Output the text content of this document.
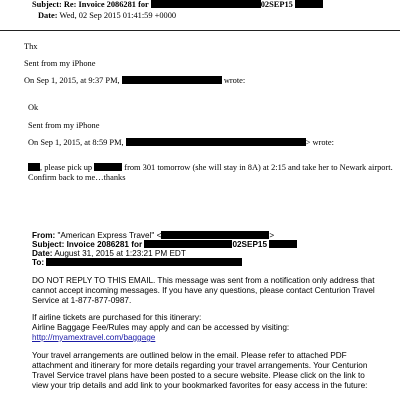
Subject: Re: Invoice 2086281 for	02SEP15
Date: Wed, 02 Sep 2015 01:41:59 +0000
Thx
Sent from my iPhone
On Sep 1, 2015, at 9:37 PM,	wrote:
Ok
Sent from my iPhone
On Sep 1, 2015, at 8:59 PM,	> wrote:
, please pick up	from 301 tomorrow (she will stay in 8A) at 2:15 and take her to Newark airport.
Confirm back to me…thanks
From: "American Express Travel" <	>
Subject: Invoice 2086281 for	02SEP15
Date: August 31, 2015 at 1:23:21 PM EDT
To:
DO NOT REPLY TO THIS EMAIL. This message was sent from a notification only address that
cannot accept incoming messages. If you have any questions, please contact Centurion Travel
Service at 1-877-877-0987.
If airline tickets are purchased for this itinerary:
Airline Baggage Fee/Rules may apply and can be accessed by visiting:
http://myamextravel.com/baggage
Your travel arrangements are outlined below in the email. Please refer to attached PDF
attachment and itinerary for more details regarding your travel arrangements. Your Centurion
Travel Service travel plans have been posted to a secure website. Please click on the link to
view your trip details and add link to your bookmarked favorites for easy access in the future:
